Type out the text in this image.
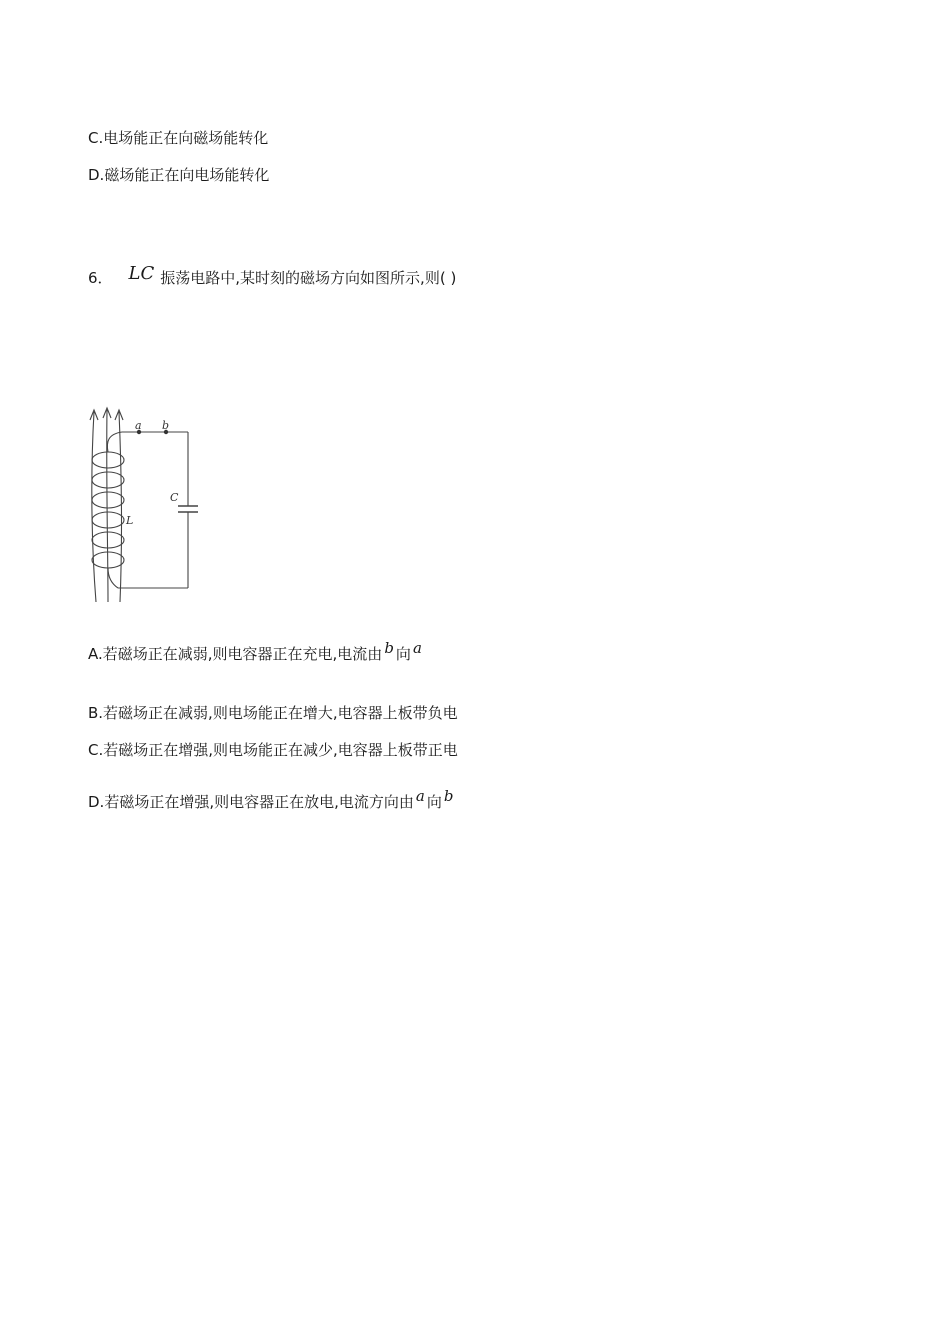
C.电场能正在向磁场能转化
D.磁场能正在向电场能转化
6． LC 振荡电路中,某时刻的磁场方向如图所示,则( )
a b
C
L
A.若磁场正在减弱,则电容器正在充电,电流由 b 向 a
B.若磁场正在减弱,则电场能正在增大,电容器上板带负电
C.若磁场正在增强,则电场能正在减少,电容器上板带正电
D.若磁场正在增强,则电容器正在放电,电流方向由 a 向 b
